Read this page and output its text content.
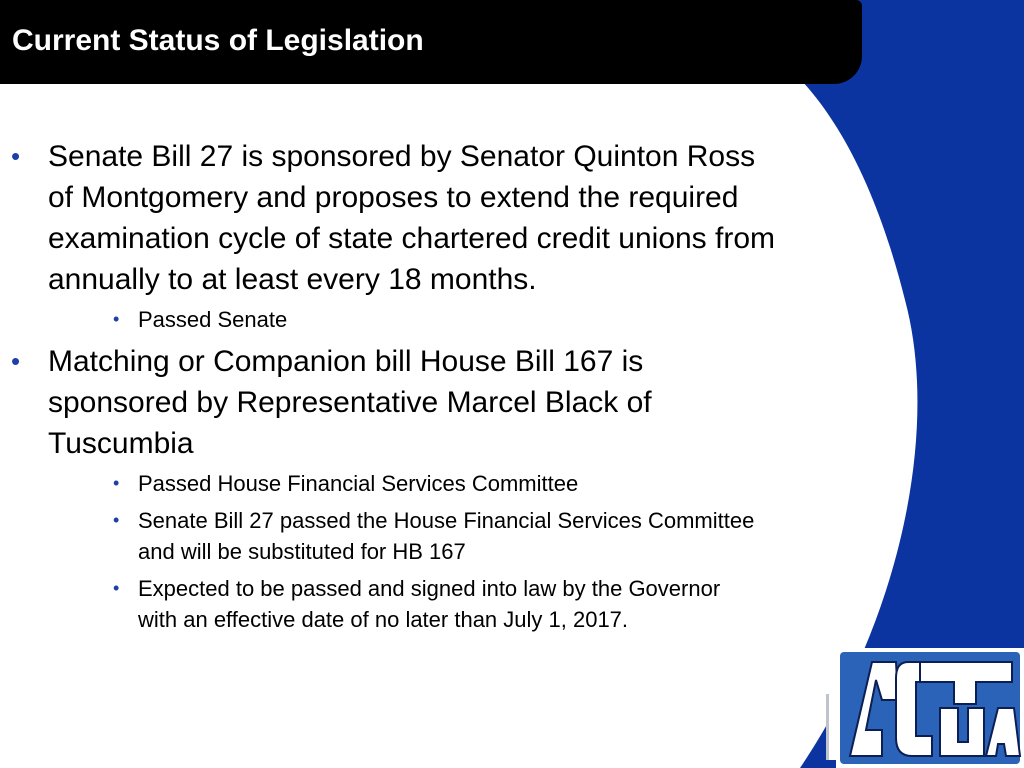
Current Status of Legislation
• Senate Bill 27 is sponsored by Senator Quinton Ross of Montgomery and proposes to extend the required examination cycle of state chartered credit unions from annually to at least every 18 months.
• Passed Senate
• Matching or Companion bill House Bill 167 is sponsored by Representative Marcel Black of Tuscumbia
• Passed House Financial Services Committee
• Senate Bill 27 passed the House Financial Services Committee and will be substituted for HB 167
• Expected to be passed and signed into law by the Governor with an effective date of no later than July 1, 2017.
